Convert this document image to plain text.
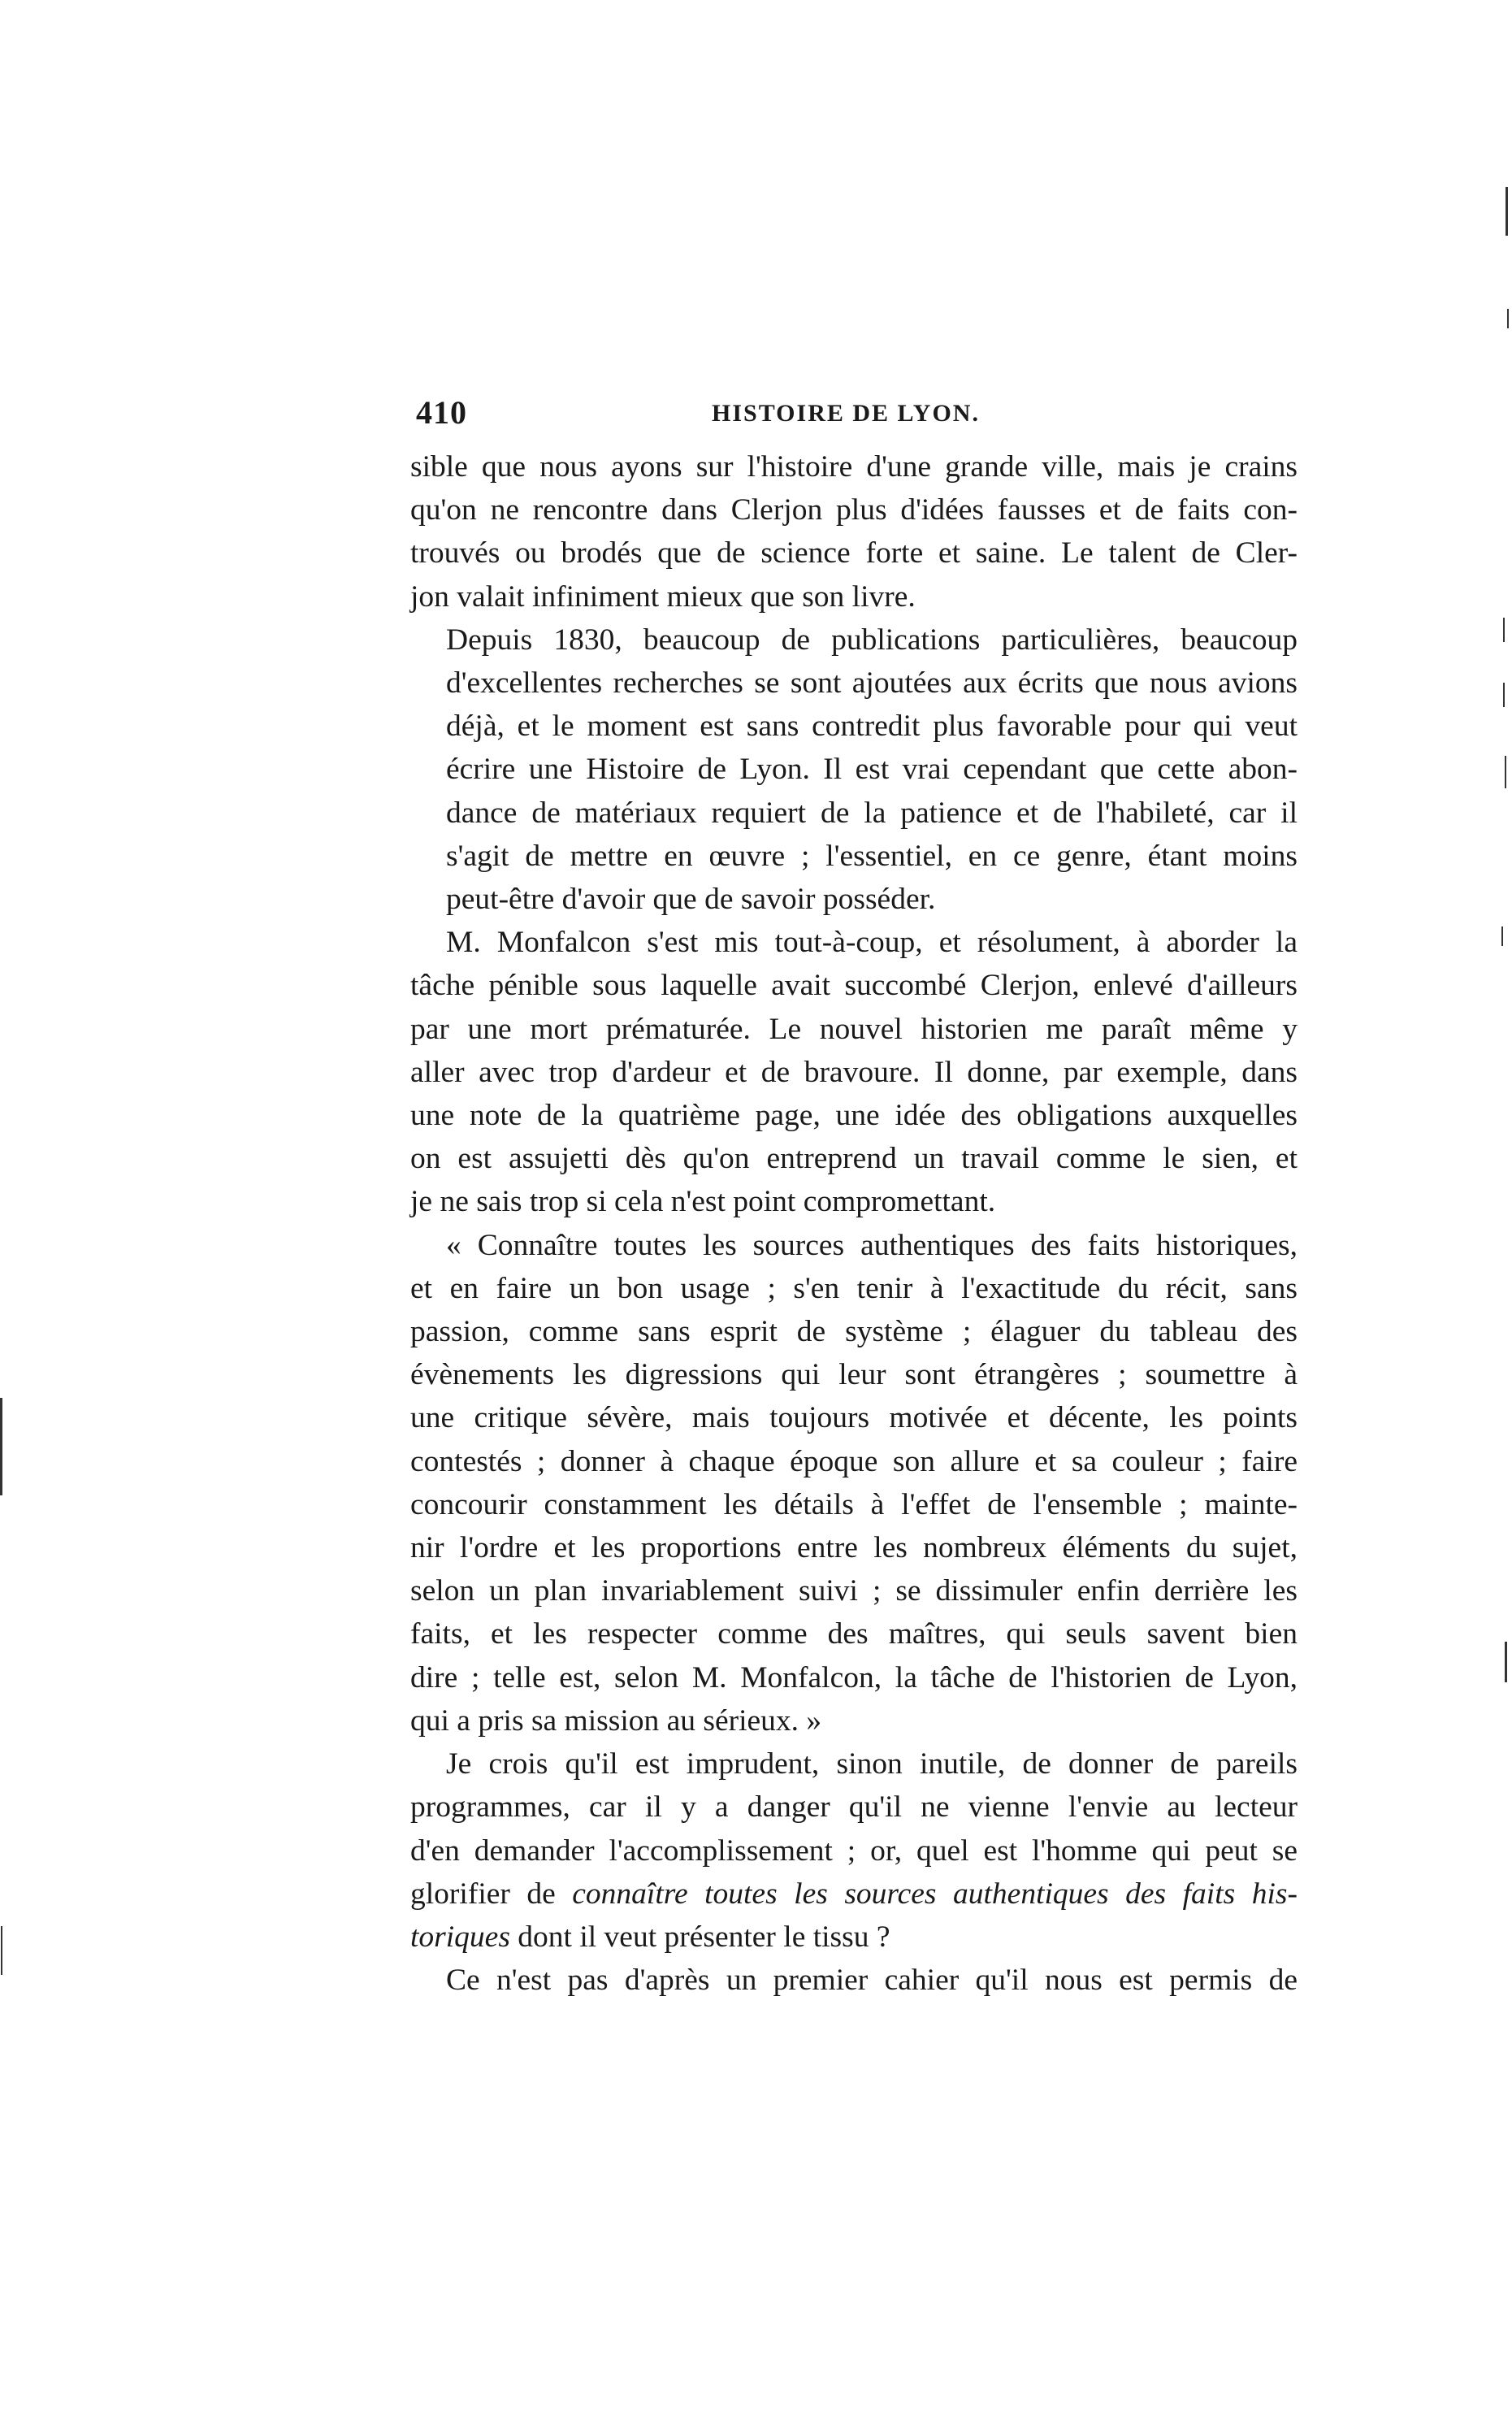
410	HISTOIRE DE LYON.

sible que nous ayons sur l'histoire d'une grande ville, mais je crains
qu'on ne rencontre dans Clerjon plus d'idées fausses et de faits con-
trouvés ou brodés que de science forte et saine. Le talent de Cler-
jon valait infiniment mieux que son livre.

Depuis 1830, beaucoup de publications particulières, beaucoup
d'excellentes recherches se sont ajoutées aux écrits que nous avions
déjà, et le moment est sans contredit plus favorable pour qui veut
écrire une Histoire de Lyon. Il est vrai cependant que cette abon-
dance de matériaux requiert de la patience et de l'habileté, car il
s'agit de mettre en œuvre ; l'essentiel, en ce genre, étant moins
peut-être d'avoir que de savoir posséder.

M. Monfalcon s'est mis tout-à-coup, et résolument, à aborder la
tâche pénible sous laquelle avait succombé Clerjon, enlevé d'ailleurs
par une mort prématurée. Le nouvel historien me paraît même y
aller avec trop d'ardeur et de bravoure. Il donne, par exemple, dans
une note de la quatrième page, une idée des obligations auxquelles
on est assujetti dès qu'on entreprend un travail comme le sien, et
je ne sais trop si cela n'est point compromettant.

« Connaître toutes les sources authentiques des faits historiques,
et en faire un bon usage ; s'en tenir à l'exactitude du récit, sans
passion, comme sans esprit de système ; élaguer du tableau des
évènements les digressions qui leur sont étrangères ; soumettre à
une critique sévère, mais toujours motivée et décente, les points
contestés ; donner à chaque époque son allure et sa couleur ; faire
concourir constamment les détails à l'effet de l'ensemble ; mainte-
nir l'ordre et les proportions entre les nombreux éléments du sujet,
selon un plan invariablement suivi ; se dissimuler enfin derrière les
faits, et les respecter comme des maîtres, qui seuls savent bien
dire ; telle est, selon M. Monfalcon, la tâche de l'historien de Lyon,
qui a pris sa mission au sérieux. »

Je crois qu'il est imprudent, sinon inutile, de donner de pareils
programmes, car il y a danger qu'il ne vienne l'envie au lecteur
d'en demander l'accomplissement ; or, quel est l'homme qui peut se
glorifier de connaître toutes les sources authentiques des faits his-
toriques dont il veut présenter le tissu ?

Ce n'est pas d'après un premier cahier qu'il nous est permis de
